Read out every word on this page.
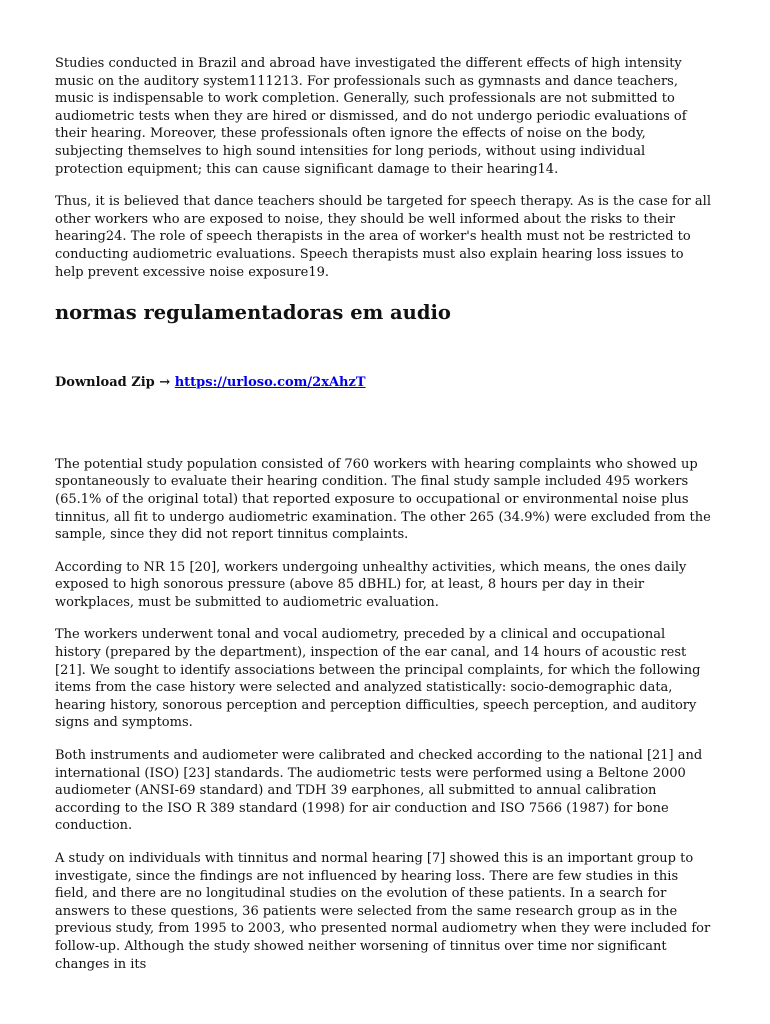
Studies conducted in Brazil and abroad have investigated the different effects of high intensity music on the auditory system111213. For professionals such as gymnasts and dance teachers, music is indispensable to work completion. Generally, such professionals are not submitted to audiometric tests when they are hired or dismissed, and do not undergo periodic evaluations of their hearing. Moreover, these professionals often ignore the effects of noise on the body, subjecting themselves to high sound intensities for long periods, without using individual protection equipment; this can cause significant damage to their hearing14.

Thus, it is believed that dance teachers should be targeted for speech therapy. As is the case for all other workers who are exposed to noise, they should be well informed about the risks to their hearing24. The role of speech therapists in the area of worker's health must not be restricted to conducting audiometric evaluations. Speech therapists must also explain hearing loss issues to help prevent excessive noise exposure19.

normas regulamentadoras em audio
Download Zip → https://urloso.com/2xAhzT

The potential study population consisted of 760 workers with hearing complaints who showed up spontaneously to evaluate their hearing condition. The final study sample included 495 workers (65.1% of the original total) that reported exposure to occupational or environmental noise plus tinnitus, all fit to undergo audiometric examination. The other 265 (34.9%) were excluded from the sample, since they did not report tinnitus complaints.

According to NR 15 [20], workers undergoing unhealthy activities, which means, the ones daily exposed to high sonorous pressure (above 85 dBHL) for, at least, 8 hours per day in their workplaces, must be submitted to audiometric evaluation.

The workers underwent tonal and vocal audiometry, preceded by a clinical and occupational history (prepared by the department), inspection of the ear canal, and 14 hours of acoustic rest [21]. We sought to identify associations between the principal complaints, for which the following items from the case history were selected and analyzed statistically: socio-demographic data, hearing history, sonorous perception and perception difficulties, speech perception, and auditory signs and symptoms.

Both instruments and audiometer were calibrated and checked according to the national [21] and international (ISO) [23] standards. The audiometric tests were performed using a Beltone 2000 audiometer (ANSI-69 standard) and TDH 39 earphones, all submitted to annual calibration according to the ISO R 389 standard (1998) for air conduction and ISO 7566 (1987) for bone conduction.

A study on individuals with tinnitus and normal hearing [7] showed this is an important group to investigate, since the findings are not influenced by hearing loss. There are few studies in this field, and there are no longitudinal studies on the evolution of these patients. In a search for answers to these questions, 36 patients were selected from the same research group as in the previous study, from 1995 to 2003, who presented normal audiometry when they were included for follow-up. Although the study showed neither worsening of tinnitus over time nor significant changes in its
